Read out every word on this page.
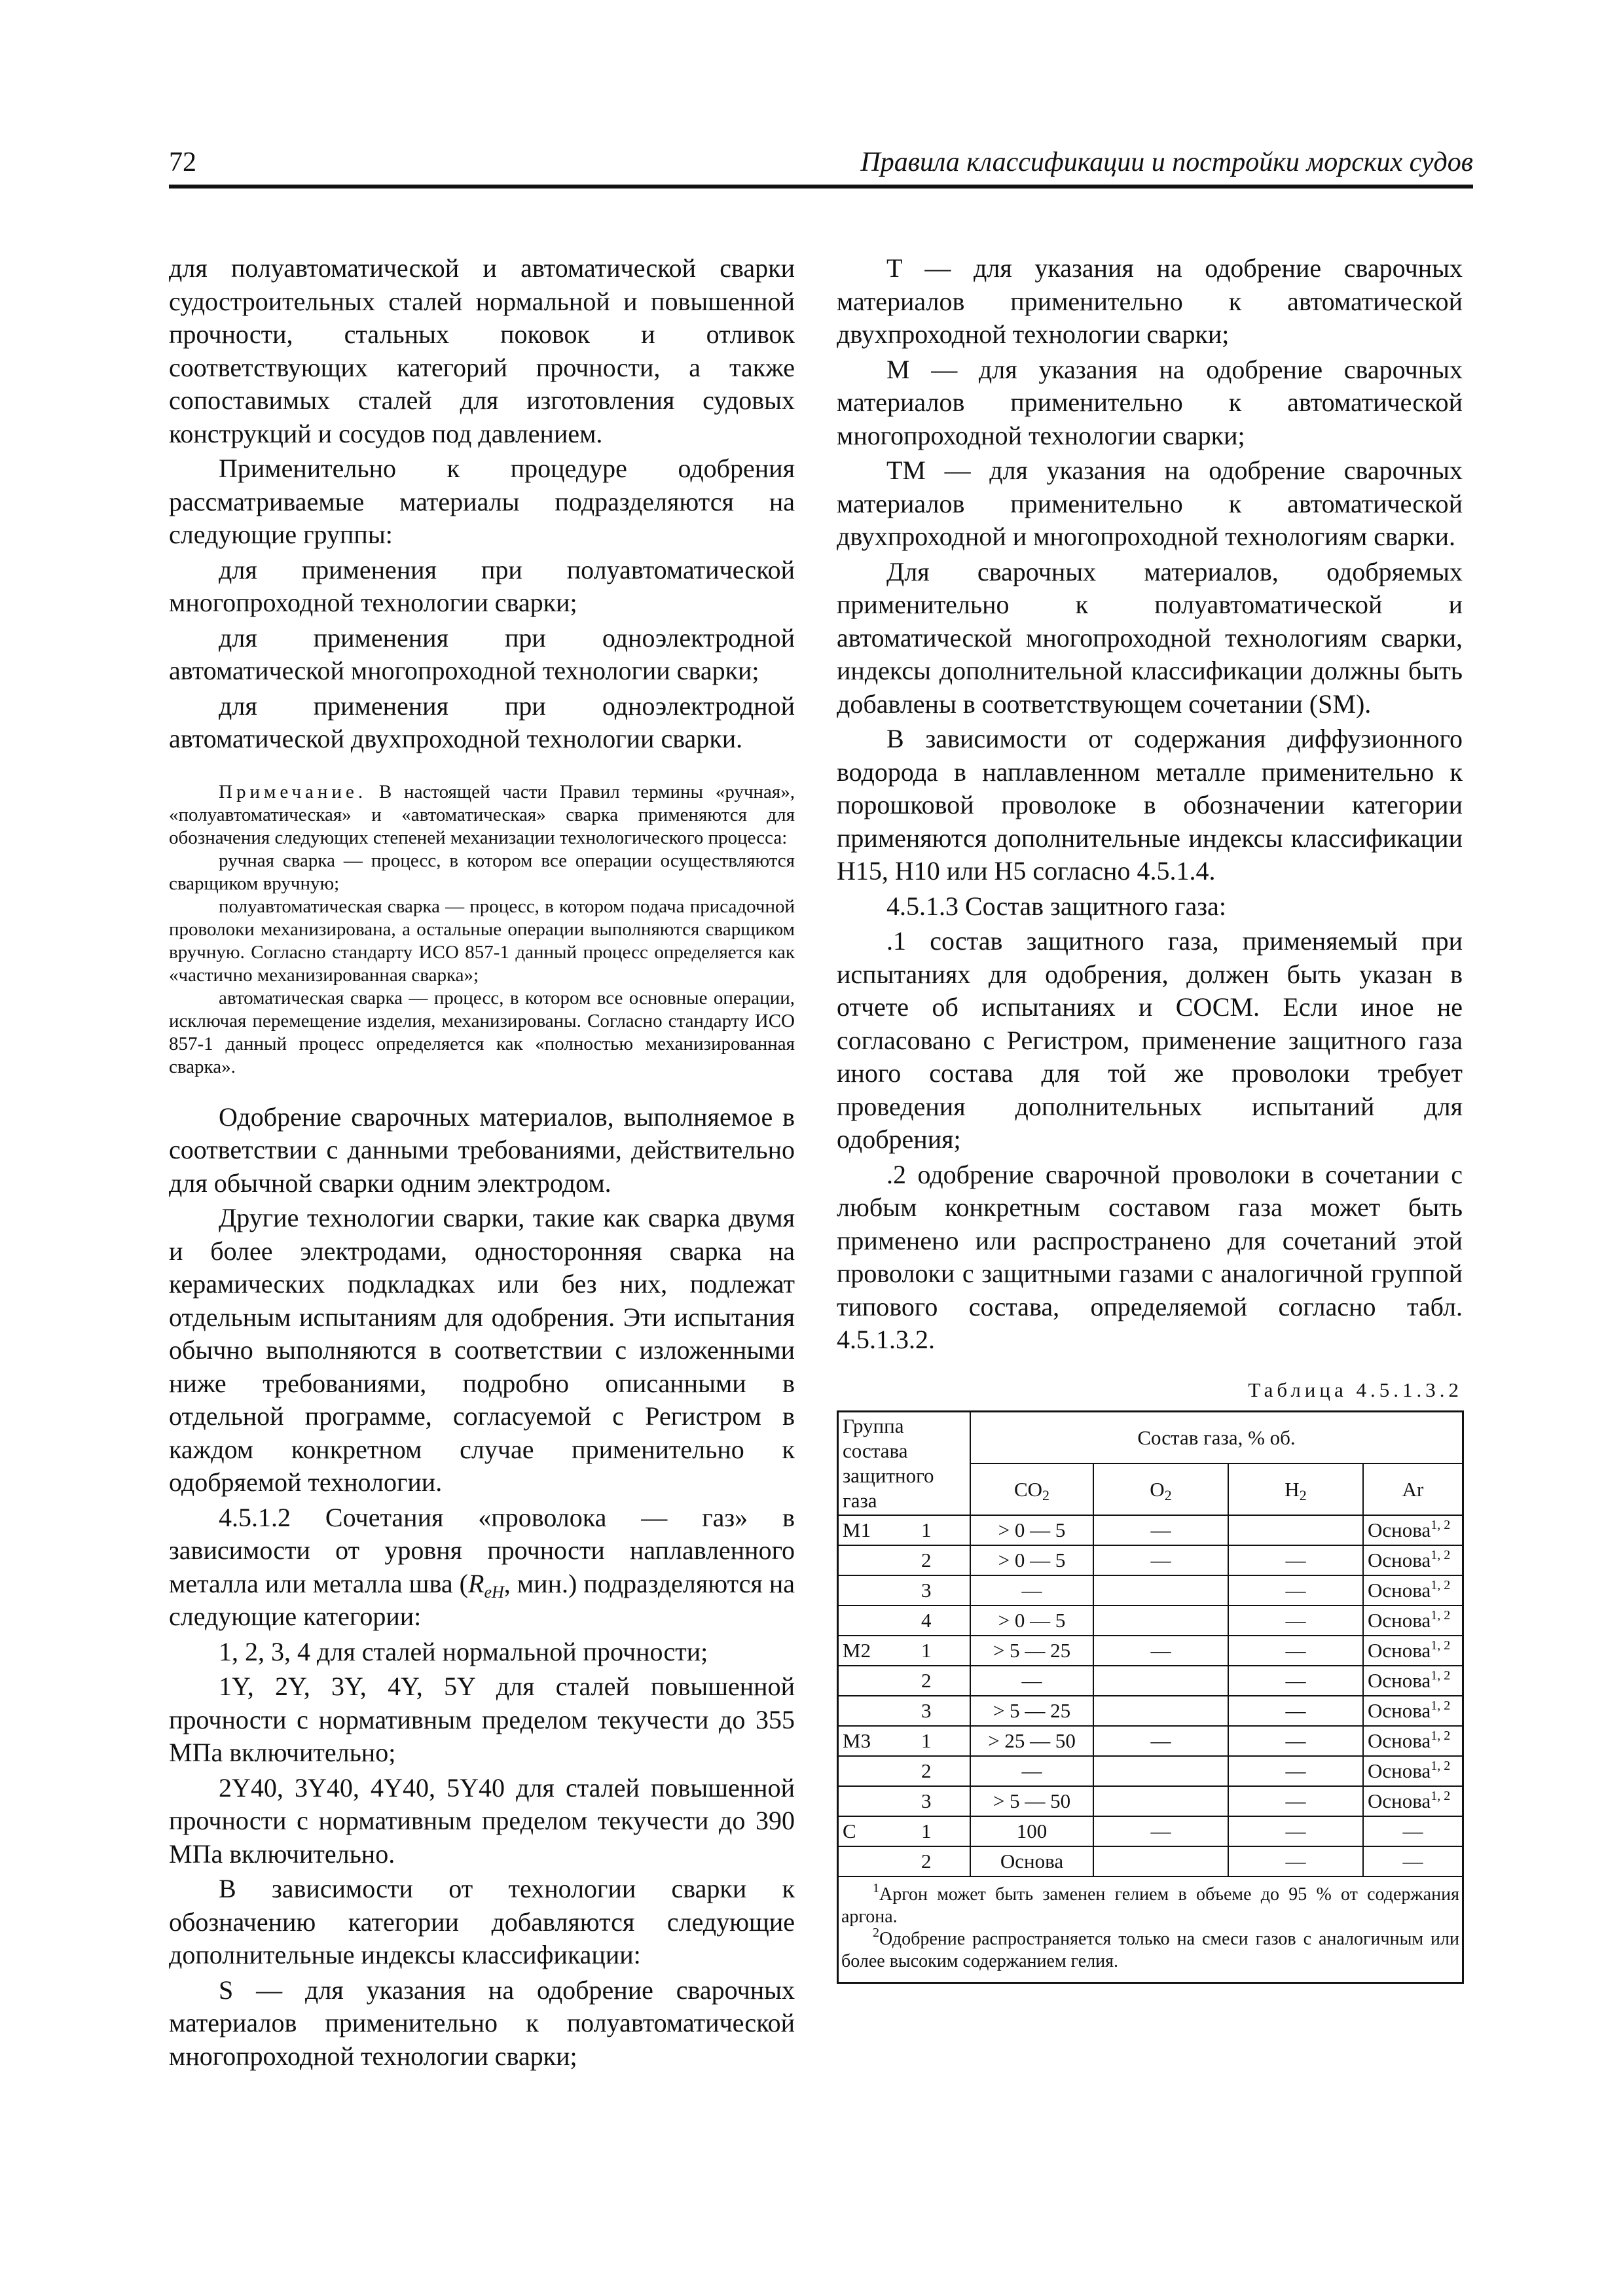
72	Правила классификации и постройки морских судов

для полуавтоматической и автоматической сварки судостроительных сталей нормальной и повышенной прочности, стальных поковок и отливок соответствующих категорий прочности, а также сопоставимых сталей для изготовления судовых конструкций и сосудов под давлением.

Применительно к процедуре одобрения рассматриваемые материалы подразделяются на следующие группы:

для применения при полуавтоматической многопроходной технологии сварки;

для применения при одноэлектродной автоматической многопроходной технологии сварки;

для применения при одноэлектродной автоматической двухпроходной технологии сварки.

Примечание. В настоящей части Правил термины «ручная», «полуавтоматическая» и «автоматическая» сварка применяются для обозначения следующих степеней механизации технологического процесса:

ручная сварка — процесс, в котором все операции осуществляются сварщиком вручную;

полуавтоматическая сварка — процесс, в котором подача присадочной проволоки механизирована, а остальные операции выполняются сварщиком вручную. Согласно стандарту ИСО 857-1 данный процесс определяется как «частично механизированная сварка»;

автоматическая сварка — процесс, в котором все основные операции, исключая перемещение изделия, механизированы. Согласно стандарту ИСО 857-1 данный процесс определяется как «полностью механизированная сварка».

Одобрение сварочных материалов, выполняемое в соответствии с данными требованиями, действительно для обычной сварки одним электродом.

Другие технологии сварки, такие как сварка двумя и более электродами, односторонняя сварка на керамических подкладках или без них, подлежат отдельным испытаниям для одобрения. Эти испытания обычно выполняются в соответствии с изложенными ниже требованиями, подробно описанными в отдельной программе, согласуемой с Регистром в каждом конкретном случае применительно к одобряемой технологии.

4.5.1.2 Сочетания «проволока — газ» в зависимости от уровня прочности наплавленного металла или металла шва ($R_{eH}$, мин.) подразделяются на следующие категории:

1, 2, 3, 4 для сталей нормальной прочности;

1Y, 2Y, 3Y, 4Y, 5Y для сталей повышенной прочности с нормативным пределом текучести до 355 МПа включительно;

2Y40, 3Y40, 4Y40, 5Y40 для сталей повышенной прочности с нормативным пределом текучести до 390 МПа включительно.

В зависимости от технологии сварки к обозначению категории добавляются следующие дополнительные индексы классификации:

S — для указания на одобрение сварочных материалов применительно к полуавтоматической многопроходной технологии сварки;

T — для указания на одобрение сварочных материалов применительно к автоматической двухпроходной технологии сварки;

M — для указания на одобрение сварочных материалов применительно к автоматической многопроходной технологии сварки;

TM — для указания на одобрение сварочных материалов применительно к автоматической двухпроходной и многопроходной технологиям сварки.

Для сварочных материалов, одобряемых применительно к полуавтоматической и автоматической многопроходной технологиям сварки, индексы дополнительной классификации должны быть добавлены в соответствующем сочетании (SM).

В зависимости от содержания диффузионного водорода в наплавленном металле применительно к порошковой проволоке в обозначении категории применяются дополнительные индексы классификации H15, H10 или H5 согласно 4.5.1.4.

4.5.1.3 Состав защитного газа:

.1 состав защитного газа, применяемый при испытаниях для одобрения, должен быть указан в отчете об испытаниях и СОСМ. Если иное не согласовано с Регистром, применение защитного газа иного состава для той же проволоки требует проведения дополнительных испытаний для одобрения;

.2 одобрение сварочной проволоки в сочетании с любым конкретным составом газа может быть применено или распространено для сочетаний этой проволоки с защитными газами с аналогичной группой типового состава, определяемой согласно табл. 4.5.1.3.2.

Таблица 4.5.1.3.2
Группа состава защитного газа		Состав газа, % об.			
		$CO_2$	$O_2$	$H_2$	Ar
M1	1	> 0 — 5	—		Основа$^{1, 2}$
	2	> 0 — 5	—	—	Основа$^{1, 2}$
	3	—		—	Основа$^{1, 2}$
	4	> 0 — 5		—	Основа$^{1, 2}$
M2	1	> 5 — 25	—	—	Основа$^{1, 2}$
	2	—		—	Основа$^{1, 2}$
	3	> 5 — 25		—	Основа$^{1, 2}$
M3	1	> 25 — 50	—	—	Основа$^{1, 2}$
	2	—		—	Основа$^{1, 2}$
	3	> 5 — 50		—	Основа$^{1, 2}$
C	1	100	—	—	—
	2	Основа		—	—

$^1$Аргон может быть заменен гелием в объеме до 95 % от содержания аргона.
$^2$Одобрение распространяется только на смеси газов с аналогичным или более высоким содержанием гелия.					
